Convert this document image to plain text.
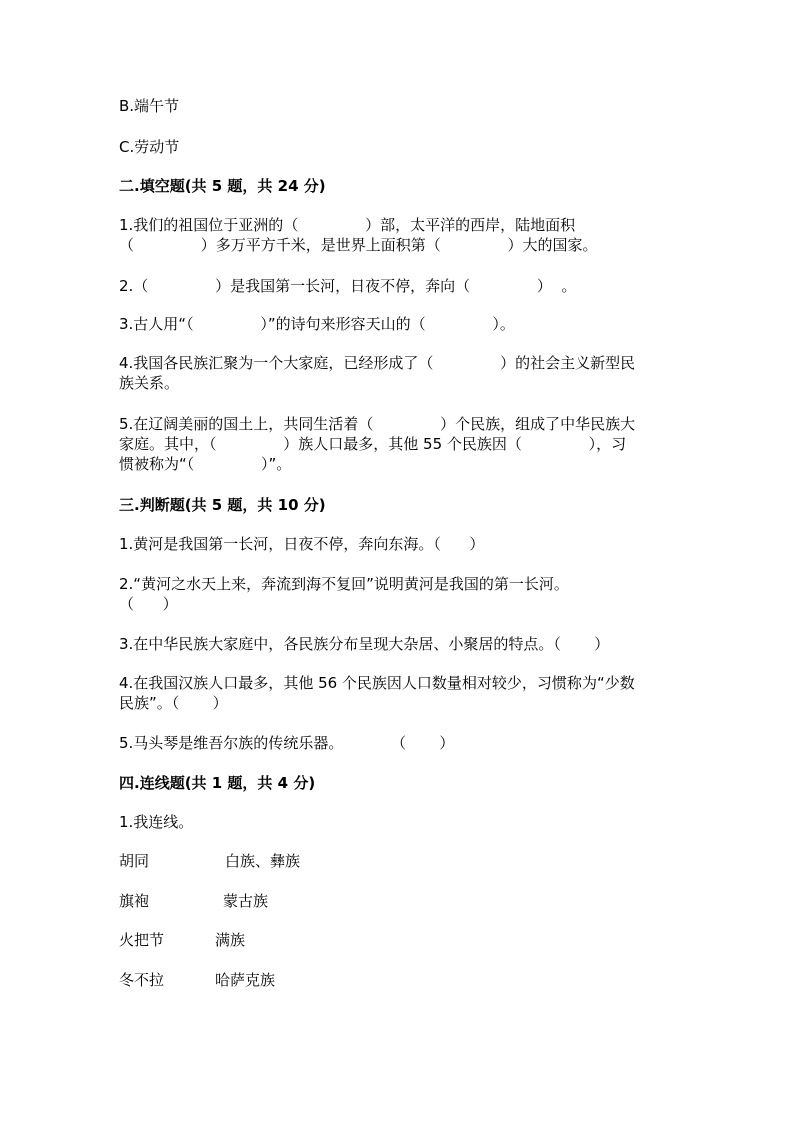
B.端午节
C.劳动节
二.填空题(共 5 题，共 24 分)
1.我们的祖国位于亚洲的（              ）部，太平洋的西岸，陆地面积
（              ）多万平方千米，是世界上面积第（              ）大的国家。
2.（              ）是我国第一长河，日夜不停，奔向（              ）  。
3.古人用“（              ）”的诗句来形容天山的（              ）。
4.我国各民族汇聚为一个大家庭，已经形成了（              ）的社会主义新型民
族关系。
5.在辽阔美丽的国土上，共同生活着（              ）个民族，组成了中华民族大
家庭。其中，（              ）族人口最多，其他 55 个民族因（              ），习
惯被称为“（              ）”。
三.判断题(共 5 题，共 10 分)
1.黄河是我国第一长河，日夜不停，奔向东海。（      ）
2.“黄河之水天上来，奔流到海不复回”说明黄河是我国的第一长河。
（      ）
3.在中华民族大家庭中，各民族分布呈现大杂居、小聚居的特点。（       ）
4.在我国汉族人口最多，其他 56 个民族因人口数量相对较少，习惯称为“少数
民族”。（       ）
5.马头琴是维吾尔族的传统乐器。          （       ）
四.连线题(共 1 题，共 4 分)
1.我连线。
胡同	白族、彝族
旗袍	蒙古族
火把节	满族
冬不拉	哈萨克族
